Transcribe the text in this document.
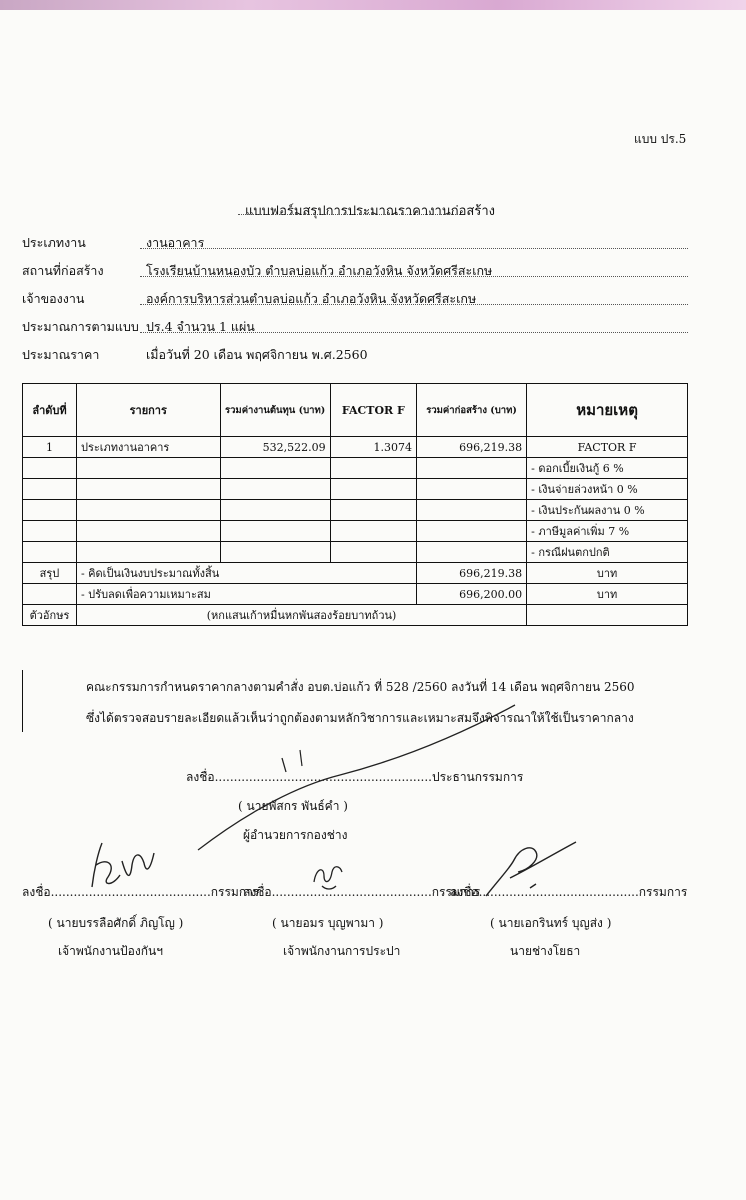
แบบ ปร.5
แบบฟอร์มสรุปการประมาณราคางานก่อสร้าง
ประเภทงาน	งานอาคาร
สถานที่ก่อสร้าง	โรงเรียนบ้านหนองบัว ตำบลบ่อแก้ว อำเภอวังหิน จังหวัดศรีสะเกษ
เจ้าของงาน	องค์การบริหารส่วนตำบลบ่อแก้ว อำเภอวังหิน จังหวัดศรีสะเกษ
ประมาณการตามแบบ ปร.4 จำนวน 1 แผ่น
ประมาณราคา	เมื่อวันที่ 20 เดือน พฤศจิกายน พ.ศ.2560
ลำดับที่	รายการ	รวมค่างานต้นทุน (บาท)	FACTOR F	รวมค่าก่อสร้าง (บาท)	หมายเหตุ
1	ประเภทงานอาคาร	532,522.09	1.3074	696,219.38	FACTOR F
					- ดอกเบี้ยเงินกู้ 6 %
					- เงินจ่ายล่วงหน้า 0 %
					- เงินประกันผลงาน 0 %
					- ภาษีมูลค่าเพิ่ม 7 %
					- กรณีฝนตกปกติ
สรุป	- คิดเป็นเงินงบประมาณทั้งสิ้น			696,219.38	บาท
	- ปรับลดเพื่อความเหมาะสม			696,200.00	บาท
ตัวอักษร	(หกแสนเก้าหมื่นหกพันสองร้อยบาทถ้วน)				
คณะกรรมการกำหนดราคากลางตามคำสั่ง อบต.บ่อแก้ว ที่ 528 /2560 ลงวันที่ 14 เดือน พฤศจิกายน 2560
ซึ่งได้ตรวจสอบรายละเอียดแล้วเห็นว่าถูกต้องตามหลักวิชาการและเหมาะสมจึงพิจารณาให้ใช้เป็นราคากลาง
ลงชื่อ.........................................................ประธานกรรมการ
( นายพัสกร พันธ์คำ )
ผู้อำนวยการกองช่าง
ลงชื่อ..........................................กรรมการ
( นายบรรลือศักดิ์ ภิญโญ )
เจ้าพนักงานป้องกันฯ
ลงชื่อ..........................................กรรมการ
( นายอมร บุญพามา )
เจ้าพนักงานการประปา
ลงชื่อ..........................................กรรมการ
( นายเอกรินทร์ บุญส่ง )
นายช่างโยธา
